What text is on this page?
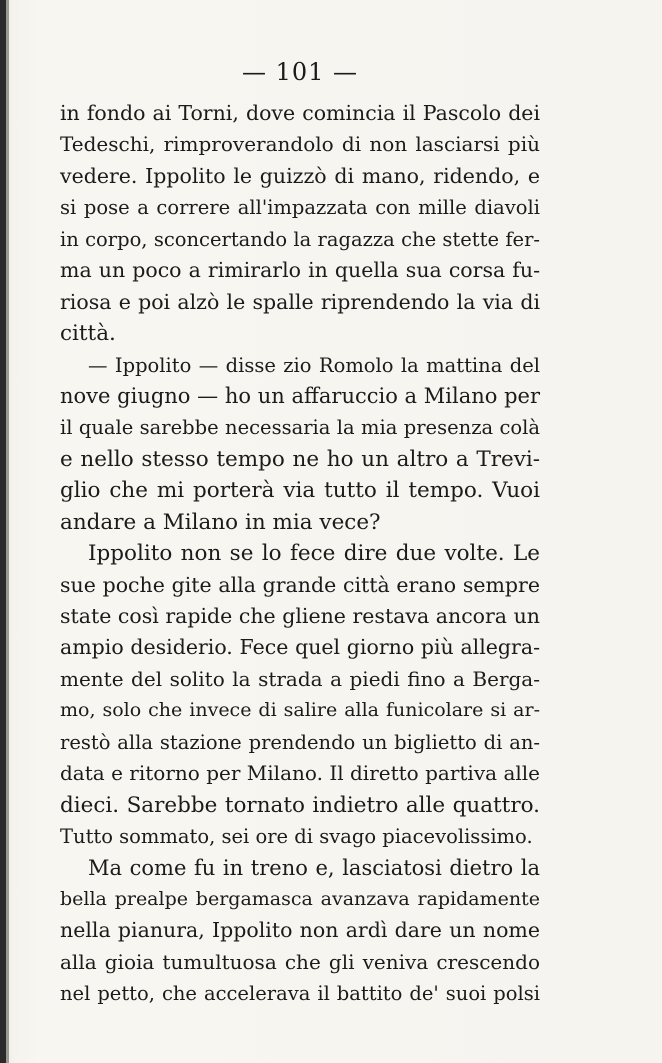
— 101 —
in fondo ai Torni, dove comincia il Pascolo dei
Tedeschi, rimproverandolo di non lasciarsi più
vedere. Ippolito le guizzò di mano, ridendo, e
si pose a correre all'impazzata con mille diavoli
in corpo, sconcertando la ragazza che stette fer-
ma un poco a rimirarlo in quella sua corsa fu-
riosa e poi alzò le spalle riprendendo la via di
città.
— Ippolito — disse zio Romolo la mattina del
nove giugno — ho un affaruccio a Milano per
il quale sarebbe necessaria la mia presenza colà
e nello stesso tempo ne ho un altro a Trevi-
glio che mi porterà via tutto il tempo. Vuoi
andare a Milano in mia vece?
Ippolito non se lo fece dire due volte. Le
sue poche gite alla grande città erano sempre
state così rapide che gliene restava ancora un
ampio desiderio. Fece quel giorno più allegra-
mente del solito la strada a piedi fino a Berga-
mo, solo che invece di salire alla funicolare si ar-
restò alla stazione prendendo un biglietto di an-
data e ritorno per Milano. Il diretto partiva alle
dieci. Sarebbe tornato indietro alle quattro.
Tutto sommato, sei ore di svago piacevolissimo.
Ma come fu in treno e, lasciatosi dietro la
bella prealpe bergamasca avanzava rapidamente
nella pianura, Ippolito non ardì dare un nome
alla gioia tumultuosa che gli veniva crescendo
nel petto, che accelerava il battito de' suoi polsi
